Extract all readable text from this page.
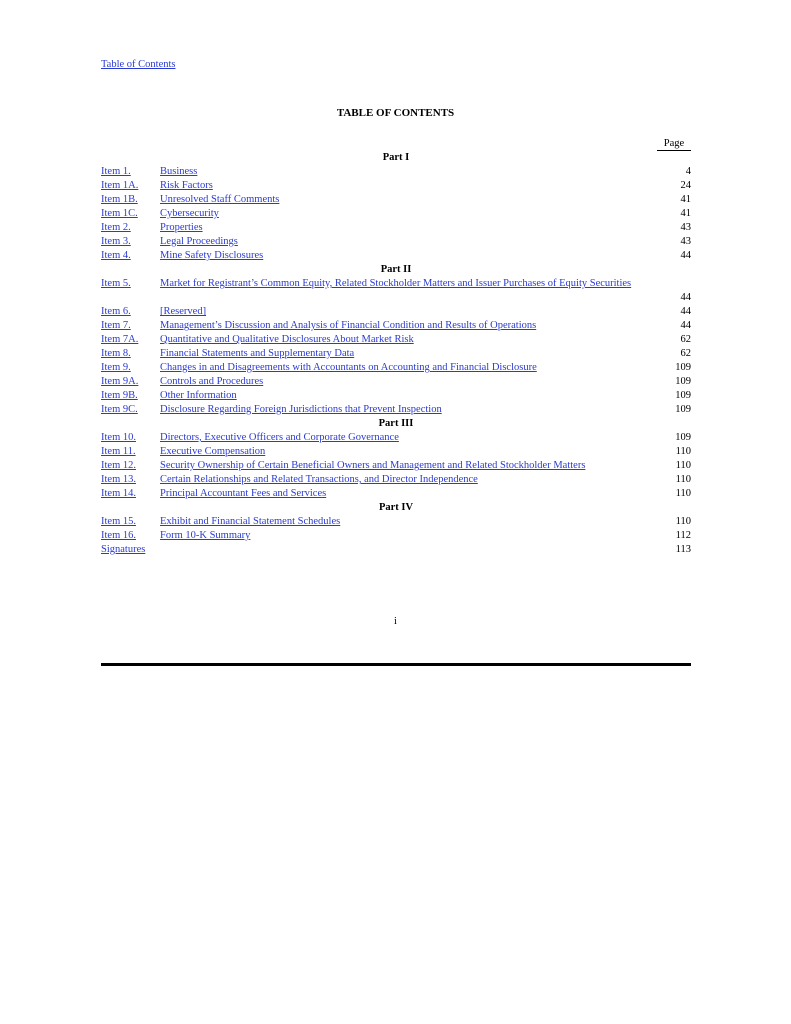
Table of Contents
TABLE OF CONTENTS
Page
Part I
Item 1.	Business	4
Item 1A. Risk Factors	24
Item 1B. Unresolved Staff Comments	41
Item 1C. Cybersecurity	41
Item 2.	Properties	43
Item 3.	Legal Proceedings	43
Item 4.	Mine Safety Disclosures	44
Part II
Item 5.	Market for Registrant’s Common Equity, Related Stockholder Matters and Issuer Purchases of Equity Securities
44
Item 6.	[Reserved]	44
Item 7.	Management’s Discussion and Analysis of Financial Condition and Results of Operations	44
Item 7A. Quantitative and Qualitative Disclosures About Market Risk	62
Item 8.	Financial Statements and Supplementary Data	62
Item 9.	Changes in and Disagreements with Accountants on Accounting and Financial Disclosure	109
Item 9A. Controls and Procedures	109
Item 9B. Other Information	109
Item 9C. Disclosure Regarding Foreign Jurisdictions that Prevent Inspection	109
Part III
Item 10. Directors, Executive Officers and Corporate Governance	109
Item 11. Executive Compensation	110
Item 12. Security Ownership of Certain Beneficial Owners and Management and Related Stockholder Matters	110
Item 13. Certain Relationships and Related Transactions, and Director Independence	110
Item 14. Principal Accountant Fees and Services	110
Part IV
Item 15. Exhibit and Financial Statement Schedules	110
Item 16. Form 10-K Summary	112
Signatures	113
i
